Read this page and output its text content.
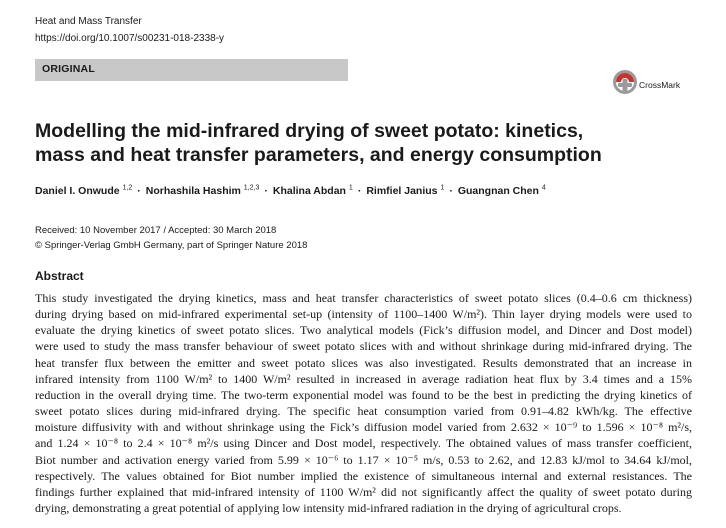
Heat and Mass Transfer
https://doi.org/10.1007/s00231-018-2338-y
ORIGINAL
CrossMark
Modelling the mid-infrared drying of sweet potato: kinetics, mass and heat transfer parameters, and energy consumption
Daniel I. Onwude $^{1,2}$ · Norhashila Hashim $^{1,2,3}$ · Khalina Abdan $^1$ · Rimfiel Janius $^1$ · Guangnan Chen $^4$
Received: 10 November 2017 / Accepted: 30 March 2018
© Springer-Verlag GmbH Germany, part of Springer Nature 2018
Abstract
This study investigated the drying kinetics, mass and heat transfer characteristics of sweet potato slices (0.4–0.6 cm thickness)
during drying based on mid-infrared experimental set-up (intensity of 1100–1400 W/m²). Thin layer drying models were used to
evaluate the drying kinetics of sweet potato slices. Two analytical models (Fick’s diffusion model, and Dincer and Dost model)
were used to study the mass transfer behaviour of sweet potato slices with and without shrinkage during mid-infrared drying. The
heat transfer flux between the emitter and sweet potato slices was also investigated. Results demonstrated that an increase in
infrared intensity from 1100 W/m² to 1400 W/m² resulted in increased in average radiation heat flux by 3.4 times and a 15%
reduction in the overall drying time. The two-term exponential model was found to be the best in predicting the drying kinetics of
sweet potato slices during mid-infrared drying. The specific heat consumption varied from 0.91–4.82 kWh/kg. The effective
moisture diffusivity with and without shrinkage using the Fick’s diffusion model varied from 2.632 × 10⁻⁹ to 1.596 × 10⁻⁸ m²/s,
and 1.24 × 10⁻⁸ to 2.4 × 10⁻⁸ m²/s using Dincer and Dost model, respectively. The obtained values of mass transfer coefficient,
Biot number and activation energy varied from 5.99 × 10⁻⁶ to 1.17 × 10⁻⁵ m/s, 0.53 to 2.62, and 12.83 kJ/mol to 34.64 kJ/mol,
respectively. The values obtained for Biot number implied the existence of simultaneous internal and external resistances. The
findings further explained that mid-infrared intensity of 1100 W/m² did not significantly affect the quality of sweet potato during
drying, demonstrating a great potential of applying low intensity mid-infrared radiation in the drying of agricultural crops.
